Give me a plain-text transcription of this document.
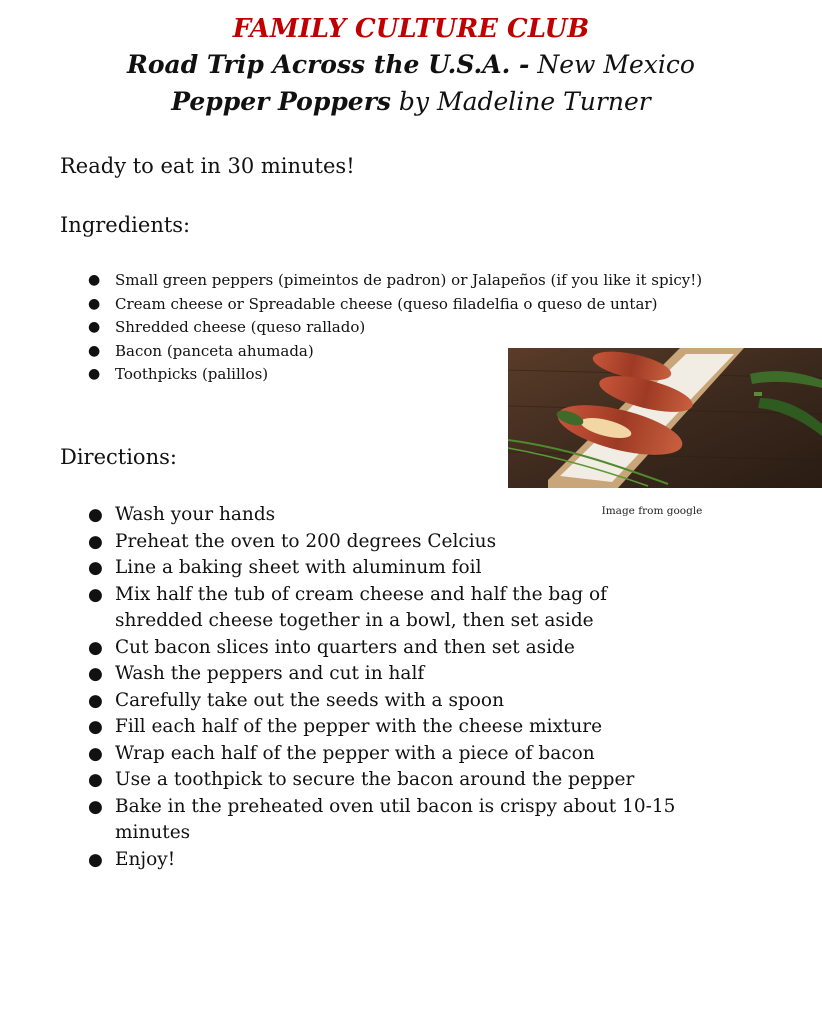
FAMILY CULTURE CLUB
Road Trip Across the U.S.A. - New Mexico
Pepper Poppers by Madeline Turner
Ready to eat in 30 minutes!
Ingredients:
● Small green peppers (pimeintos de padron) or Jalapeños (if you like it spicy!)
● Cream cheese or Spreadable cheese (queso filadelfia o queso de untar)
● Shredded cheese (queso rallado)
● Bacon (panceta ahumada)
● Toothpicks (palillos)
Image from google
Directions:
● Wash your hands
● Preheat the oven to 200 degrees Celcius
● Line a baking sheet with aluminum foil
● Mix half the tub of cream cheese and half the bag of shredded cheese together in a bowl, then set aside
● Cut bacon slices into quarters and then set aside
● Wash the peppers and cut in half
● Carefully take out the seeds with a spoon
● Fill each half of the pepper with the cheese mixture
● Wrap each half of the pepper with a piece of bacon
● Use a toothpick to secure the bacon around the pepper
● Bake in the preheated oven util bacon is crispy about 10-15 minutes
● Enjoy!
